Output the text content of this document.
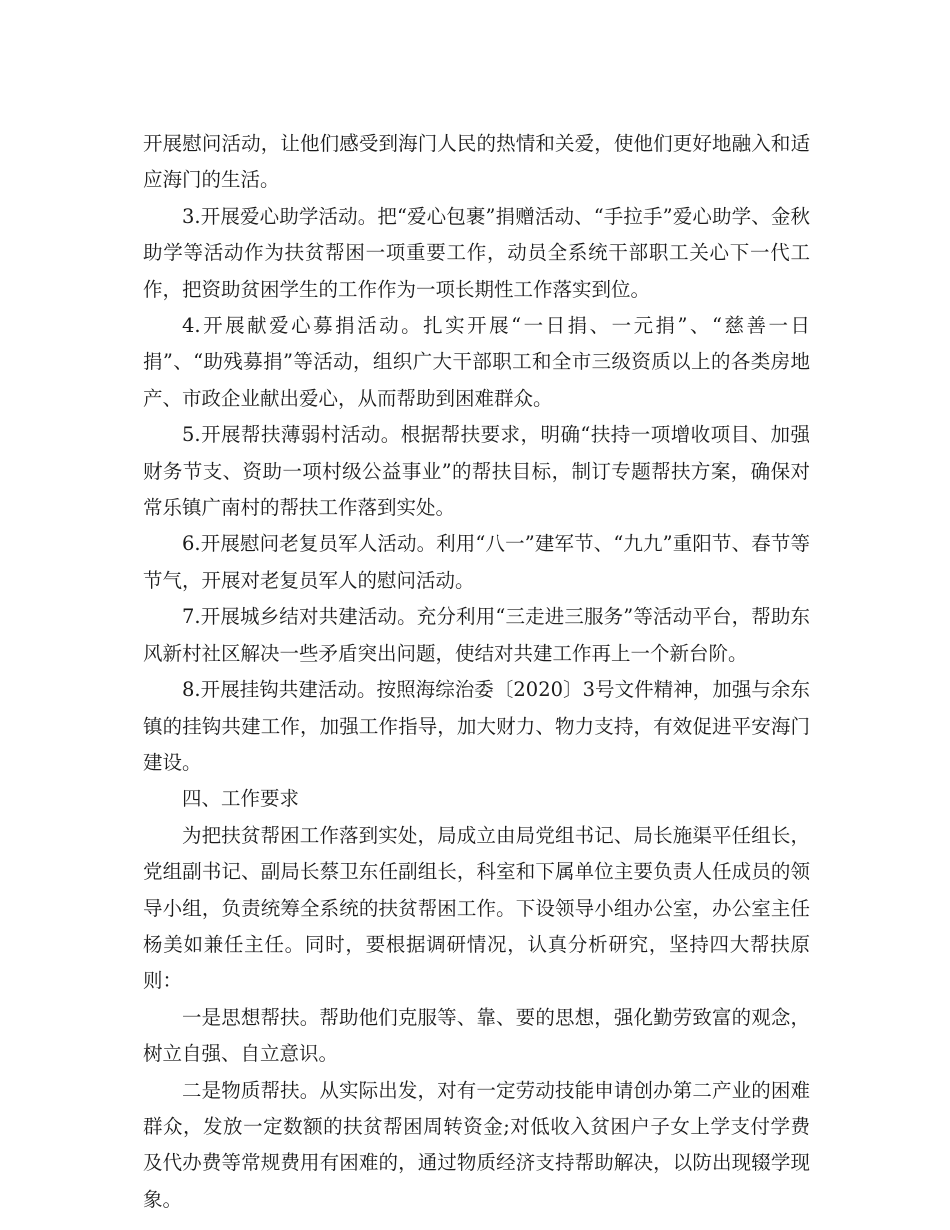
开展慰问活动，让他们感受到海门人民的热情和关爱，使他们更好地融入和适应海门的生活。

3.开展爱心助学活动。把“爱心包裹”捐赠活动、“手拉手”爱心助学、金秋助学等活动作为扶贫帮困一项重要工作，动员全系统干部职工关心下一代工作，把资助贫困学生的工作作为一项长期性工作落实到位。

4.开展献爱心募捐活动。扎实开展“一日捐、一元捐”、“慈善一日捐”、“助残募捐”等活动，组织广大干部职工和全市三级资质以上的各类房地产、市政企业献出爱心，从而帮助到困难群众。

5.开展帮扶薄弱村活动。根据帮扶要求，明确“扶持一项增收项目、加强财务节支、资助一项村级公益事业”的帮扶目标，制订专题帮扶方案，确保对常乐镇广南村的帮扶工作落到实处。

6.开展慰问老复员军人活动。利用“八一”建军节、“九九”重阳节、春节等节气，开展对老复员军人的慰问活动。

7.开展城乡结对共建活动。充分利用“三走进三服务”等活动平台，帮助东风新村社区解决一些矛盾突出问题，使结对共建工作再上一个新台阶。

8.开展挂钩共建活动。按照海综治委〔2020〕3号文件精神，加强与余东镇的挂钩共建工作，加强工作指导，加大财力、物力支持，有效促进平安海门建设。

四、工作要求

为把扶贫帮困工作落到实处，局成立由局党组书记、局长施渠平任组长，党组副书记、副局长蔡卫东任副组长，科室和下属单位主要负责人任成员的领导小组，负责统筹全系统的扶贫帮困工作。下设领导小组办公室，办公室主任杨美如兼任主任。同时，要根据调研情况，认真分析研究，坚持四大帮扶原则：

一是思想帮扶。帮助他们克服等、靠、要的思想，强化勤劳致富的观念，树立自强、自立意识。

二是物质帮扶。从实际出发，对有一定劳动技能申请创办第二产业的困难群众，发放一定数额的扶贫帮困周转资金;对低收入贫困户子女上学支付学费及代办费等常规费用有困难的，通过物质经济支持帮助解决，以防出现辍学现象。
